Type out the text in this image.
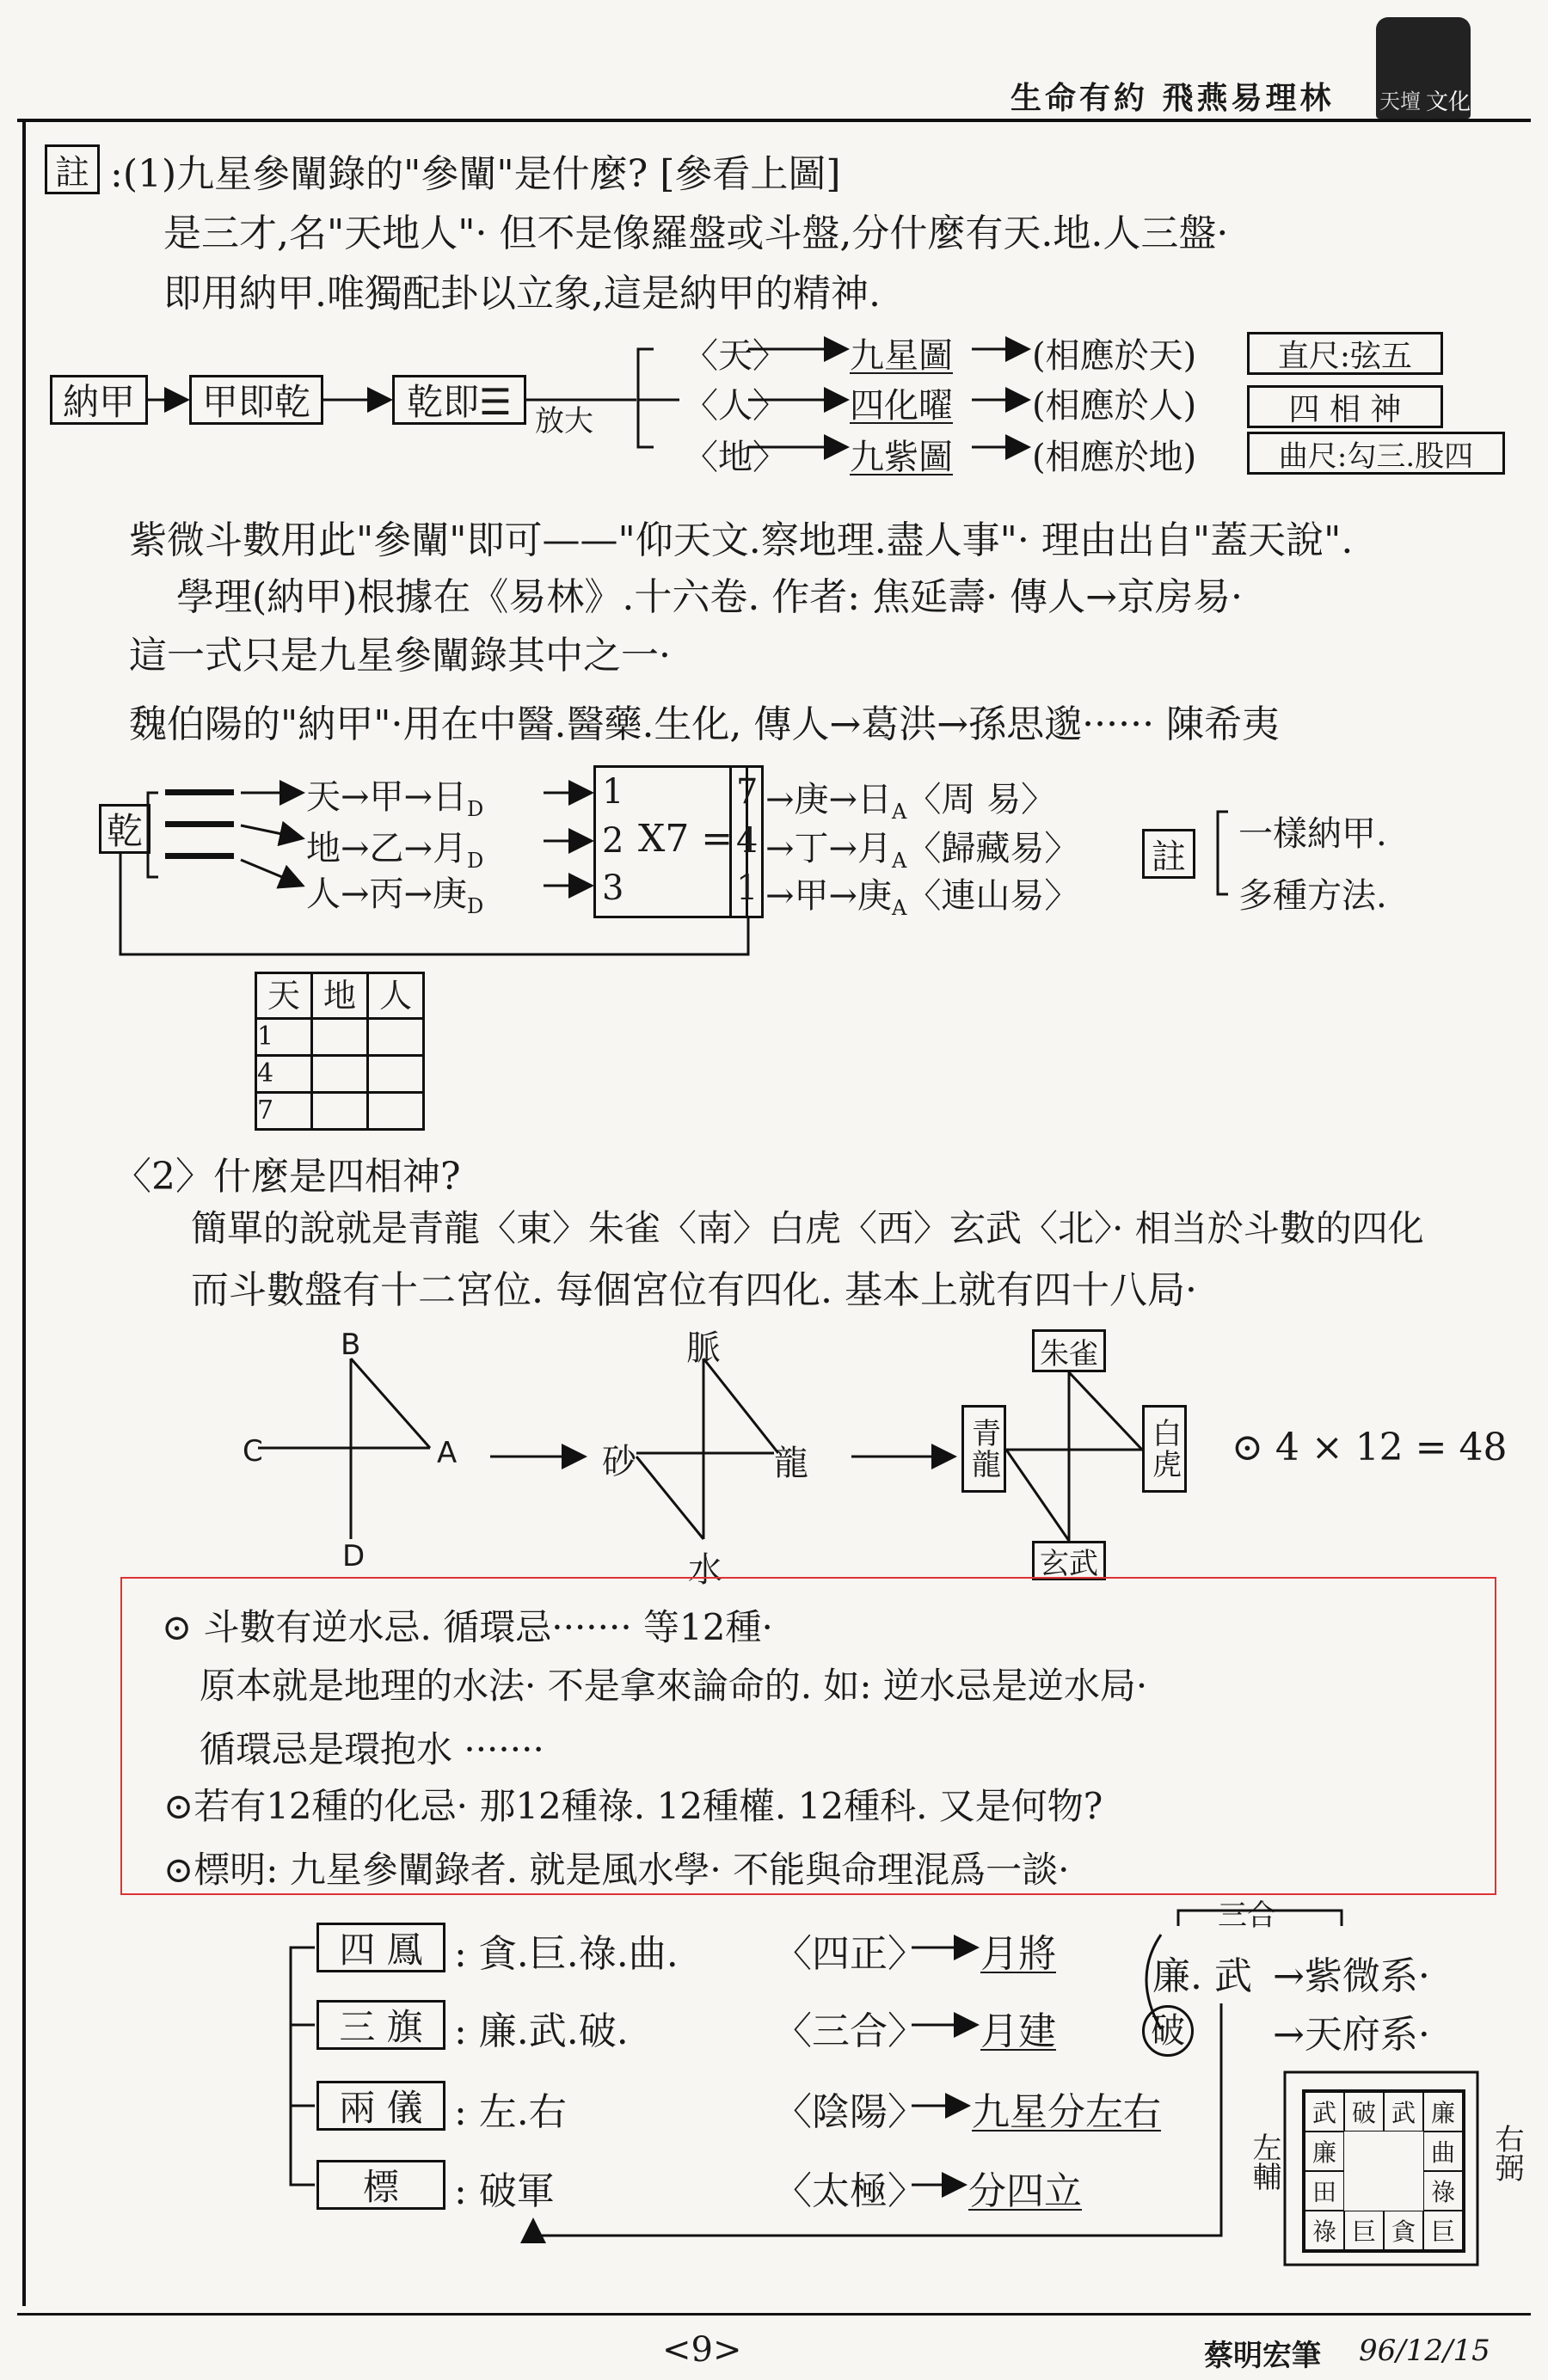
生命有約 飛燕易理林	文化
天壇
註 :(1)九星參闡錄的"參闡"是什麼? [參看上圖]
是三才,名"天地人"· 但不是像羅盤或斗盤,分什麼有天.地.人三盤·
即用納甲.唯獨配卦以立象,這是納甲的精神.
納甲	甲即乾	乾即☰ 放大
〈天〉 九星圖 (相應於天)	直尺:弦五
〈人〉 四化曜 (相應於人)	四 相 神
〈地〉 九紫圖 (相應於地)	曲尺:勾三.股四
紫微斗數用此"參闡"即可——"仰天文.察地理.盡人事"· 理由出自"蓋天說".
學理(納甲)根據在《易林》.十六卷. 作者: 焦延壽· 傳人→京房易·
這一式只是九星參闡錄其中之一·
魏伯陽的"納甲"·用在中醫.醫藥.生化, 傳人→葛洪→孫思邈······ 陳希夷
乾
天→甲→日$_D$
地→乙→月$_D$
人→丙→庚$_D$
1
2
3
X7 =
7
4
1
→庚→日$_A$〈周 易〉
→丁→月$_A$〈歸藏易〉
→甲→庚$_A$〈連山易〉
註
一樣納甲.
多種方法.
天	地	人
1		
4		
7		
〈2〉什麼是四相神?
簡單的說就是青龍〈東〉朱雀〈南〉白虎〈西〉玄武〈北〉· 相当於斗數的四化
而斗數盤有十二宮位. 每個宮位有四化. 基本上就有四十八局·
B
C	A
D
脈
砂	龍
水
朱雀
青龍	白虎
玄武
⊙ 4 × 12 = 48
⊙ 斗數有逆水忌. 循環忌······· 等12種·
原本就是地理的水法· 不是拿來論命的. 如: 逆水忌是逆水局·
循環忌是環抱水 ·······
⊙若有12種的化忌· 那12種祿. 12種權. 12種科. 又是何物?
⊙標明: 九星參闡錄者. 就是風水學· 不能與命理混爲一談·
四 鳳 : 貪.巨.祿.曲.	〈四正〉 月將
三 旗 : 廉.武.破.	〈三合〉 月建
兩 儀 : 左.右	〈陰陽〉 九星分左右
標	: 破軍	〈太極〉 分四立
三合
廉. 武 →紫微系·
破 →天府系·
左輔	右弼
武 破 武 廉
廉	曲
田	祿
祿 巨 貪 巨
<9>	蔡明宏筆 96/12/15
